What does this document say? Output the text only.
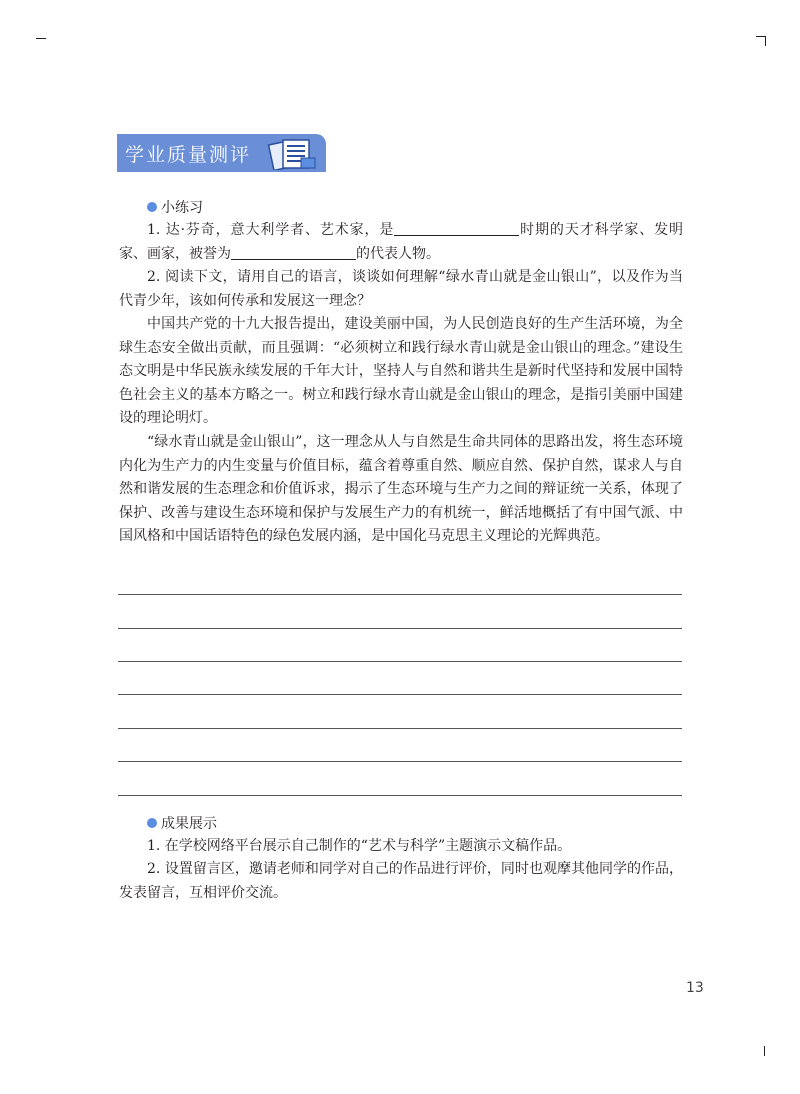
学业质量测评
小练习

1. 达·芬奇，意大利学者、艺术家，是	时期的天才科学家、发明家、画家，被誉为	的代表人物。

2. 阅读下文，请用自己的语言，谈谈如何理解“绿水青山就是金山银山”，以及作为当代青少年，该如何传承和发展这一理念？

中国共产党的十九大报告提出，建设美丽中国，为人民创造良好的生产生活环境，为全球生态安全做出贡献，而且强调：“必须树立和践行绿水青山就是金山银山的理念。”建设生态文明是中华民族永续发展的千年大计，坚持人与自然和谐共生是新时代坚持和发展中国特色社会主义的基本方略之一。树立和践行绿水青山就是金山银山的理念，是指引美丽中国建设的理论明灯。

“绿水青山就是金山银山”，这一理念从人与自然是生命共同体的思路出发，将生态环境内化为生产力的内生变量与价值目标，蕴含着尊重自然、顺应自然、保护自然，谋求人与自然和谐发展的生态理念和价值诉求，揭示了生态环境与生产力之间的辩证统一关系，体现了保护、改善与建设生态环境和保护与发展生产力的有机统一，鲜活地概括了有中国气派、中国风格和中国话语特色的绿色发展内涵，是中国化马克思主义理论的光辉典范。

成果展示

1. 在学校网络平台展示自己制作的“艺术与科学”主题演示文稿作品。

2. 设置留言区，邀请老师和同学对自己的作品进行评价，同时也观摩其他同学的作品，发表留言，互相评价交流。

13
